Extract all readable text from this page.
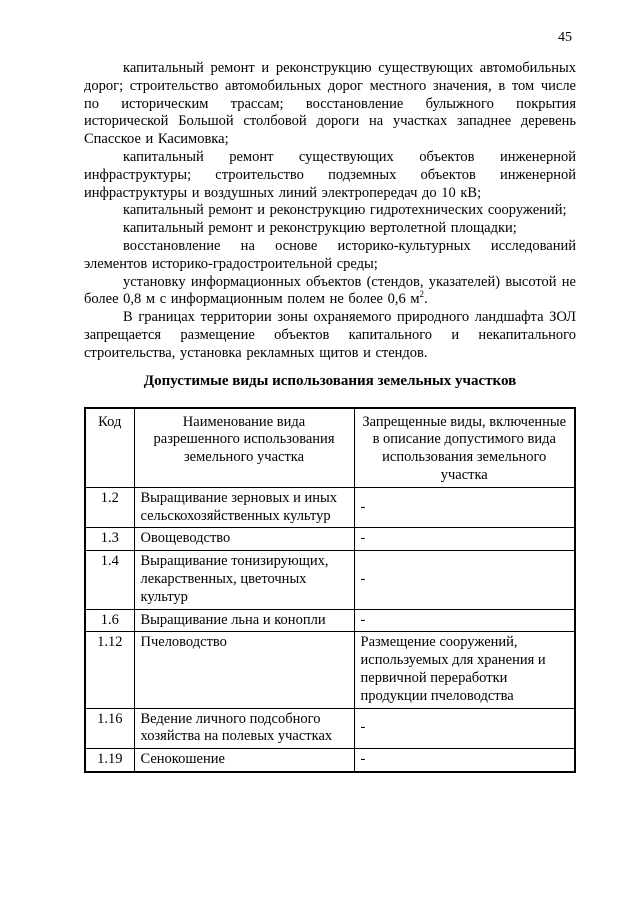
45

капитальный ремонт и реконструкцию существующих автомобильных дорог; строительство автомобильных дорог местного значения, в том числе по историческим трассам; восстановление булыжного покрытия исторической Большой столбовой дороги на участках западнее деревень Спасское и Касимовка;

капитальный ремонт существующих объектов инженерной инфраструктуры; строительство подземных объектов инженерной инфраструктуры и воздушных линий электропередач до 10 кВ;

капитальный ремонт и реконструкцию гидротехнических сооружений;

капитальный ремонт и реконструкцию вертолетной площадки;

восстановление на основе историко-культурных исследований элементов историко-градостроительной среды;

установку информационных объектов (стендов, указателей) высотой не более 0,8 м с информационным полем не более 0,6 $м^2$.

В границах территории зоны охраняемого природного ландшафта ЗОЛ запрещается размещение объектов капитального и некапитального строительства, установка рекламных щитов и стендов.

Допустимые виды использования земельных участков
Код	Наименование вида разрешенного использования земельного участка	Запрещенные виды, включенные в описание допустимого вида использования земельного участка
1.2	Выращивание зерновых и иных сельскохозяйственных культур	-
1.3	Овощеводство	-
1.4	Выращивание тонизирующих, лекарственных, цветочных культур	-
1.6	Выращивание льна и конопли	-
1.12	Пчеловодство	Размещение сооружений, используемых для хранения и первичной переработки продукции пчеловодства
1.16	Ведение личного подсобного хозяйства на полевых участках	-
1.19	Сенокошение	-
